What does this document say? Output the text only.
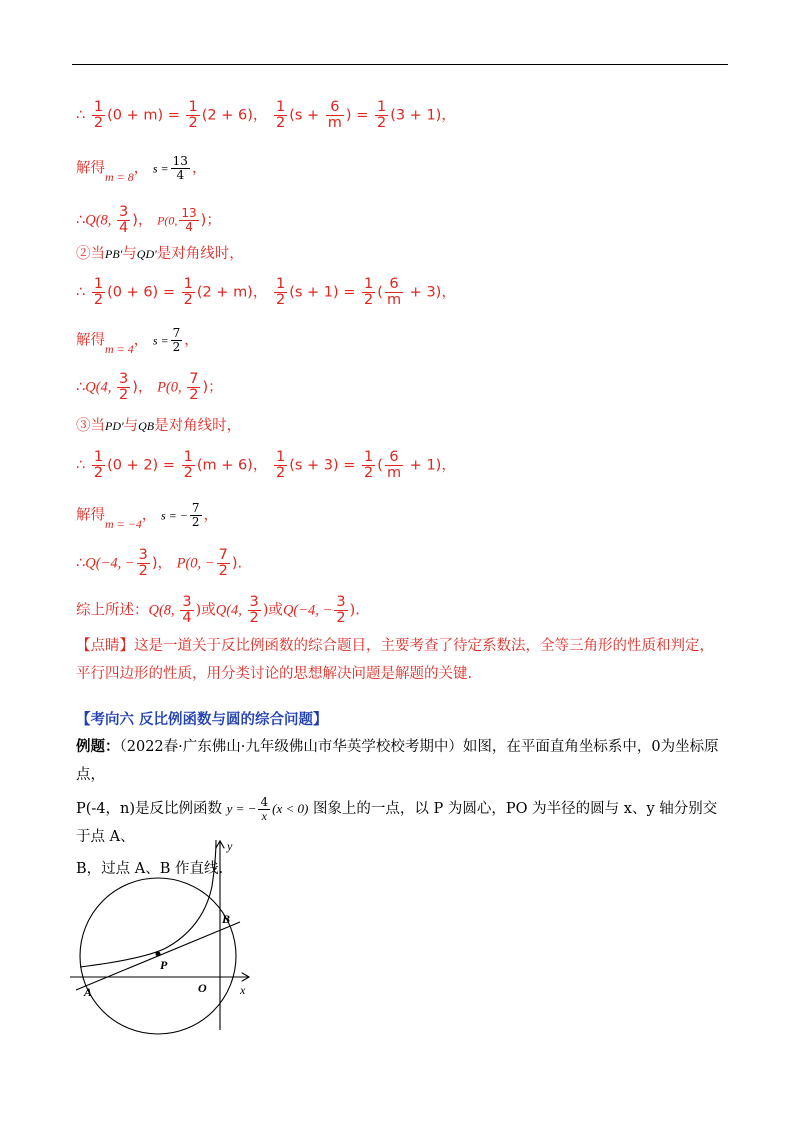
∴ $\frac{1}{2} (0 + m) = \frac{1}{2} (2 + 6)$， $\frac{1}{2} (s + \frac{6}{m}$ ) = $\frac{1}{2} (3 + 1)$，
解得$_{m = 8}$， $s = \frac{13}{4}$ ，
∴Q(8, $\frac{3}{4}$ )， P(0, $\frac{13}{4}$ )；
②当PB′与QD′是对角线时，
∴ $\frac{1}{2} (0 + 6) = \frac{1}{2} (2 + m)$， $\frac{1}{2} (s + 1) = \frac{1}{2}$ ( $\frac{6}{m} + 3$)，
解得$_{m = 4}$， $s = \frac{7}{2}$ ，
∴Q(4, $\frac{3}{2}$ )， P(0, $\frac{7}{2}$ )；
③当PD′与QB是对角线时，
∴ $\frac{1}{2} (0 + 2) = \frac{1}{2} (m + 6)$， $\frac{1}{2} (s + 3) = \frac{1}{2}$ ( $\frac{6}{m} + 1$)，
解得$_{m = -4}$， s = − $\frac{7}{2}$ ，
∴Q(−4, − $\frac{3}{2}$ )， P(0, − $\frac{7}{2}$ ).
综上所述：Q(8, $\frac{3}{4}$ )或Q(4, $\frac{3}{2}$ )或Q(−4, − $\frac{3}{2}$ ).
【点睛】这是一道关于反比例函数的综合题目，主要考查了待定系数法，全等三角形的性质和判定，平行四边形的性质，用分类讨论的思想解决问题是解题的关键.
【考向六 反比例函数与圆的综合问题】
例题：（2022春·广东佛山·九年级佛山市华英学校校考期中）如图，在平面直角坐标系中，0为坐标原点，
P(-4，n)是反比例函数 y = − $\frac{4}{x} (x < 0)$ 图象上的一点，以 P 为圆心，PO 为半径的圆与 x、y 轴分别交于点 A、
B，过点 A、B 作直线.
y
x
B
P
A	O
